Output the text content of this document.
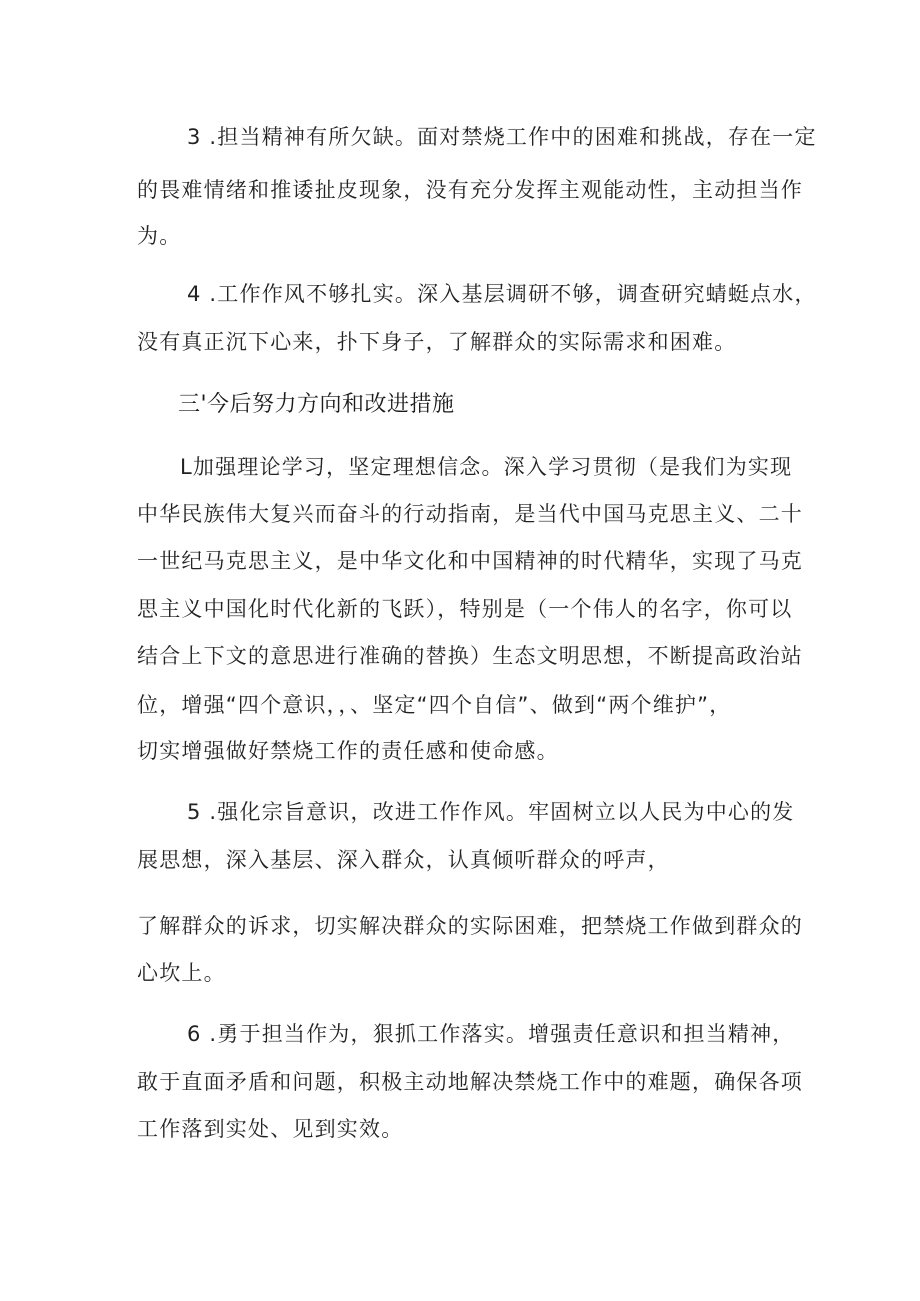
3 .担当精神有所欠缺。面对禁烧工作中的困难和挑战，存在一定
的畏难情绪和推诿扯皮现象，没有充分发挥主观能动性，主动担当作
为。
4 .工作作风不够扎实。深入基层调研不够，调查研究蜻蜓点水，
没有真正沉下心来，扑下身子，了解群众的实际需求和困难。
三'今后努力方向和改进措施
L加强理论学习，坚定理想信念。深入学习贯彻（是我们为实现
中华民族伟大复兴而奋斗的行动指南，是当代中国马克思主义、二十
一世纪马克思主义，是中华文化和中国精神的时代精华，实现了马克
思主义中国化时代化新的飞跃），特别是（一个伟人的名字，你可以
结合上下文的意思进行准确的替换）生态文明思想，不断提高政治站
位，增强“四个意识，，、坚定“四个自信”、做到“两个维护”，
切实增强做好禁烧工作的责任感和使命感。
5 .强化宗旨意识，改进工作作风。牢固树立以人民为中心的发
展思想，深入基层、深入群众，认真倾听群众的呼声，
了解群众的诉求，切实解决群众的实际困难，把禁烧工作做到群众的
心坎上。
6 .勇于担当作为，狠抓工作落实。增强责任意识和担当精神，
敢于直面矛盾和问题，积极主动地解决禁烧工作中的难题，确保各项
工作落到实处、见到实效。
